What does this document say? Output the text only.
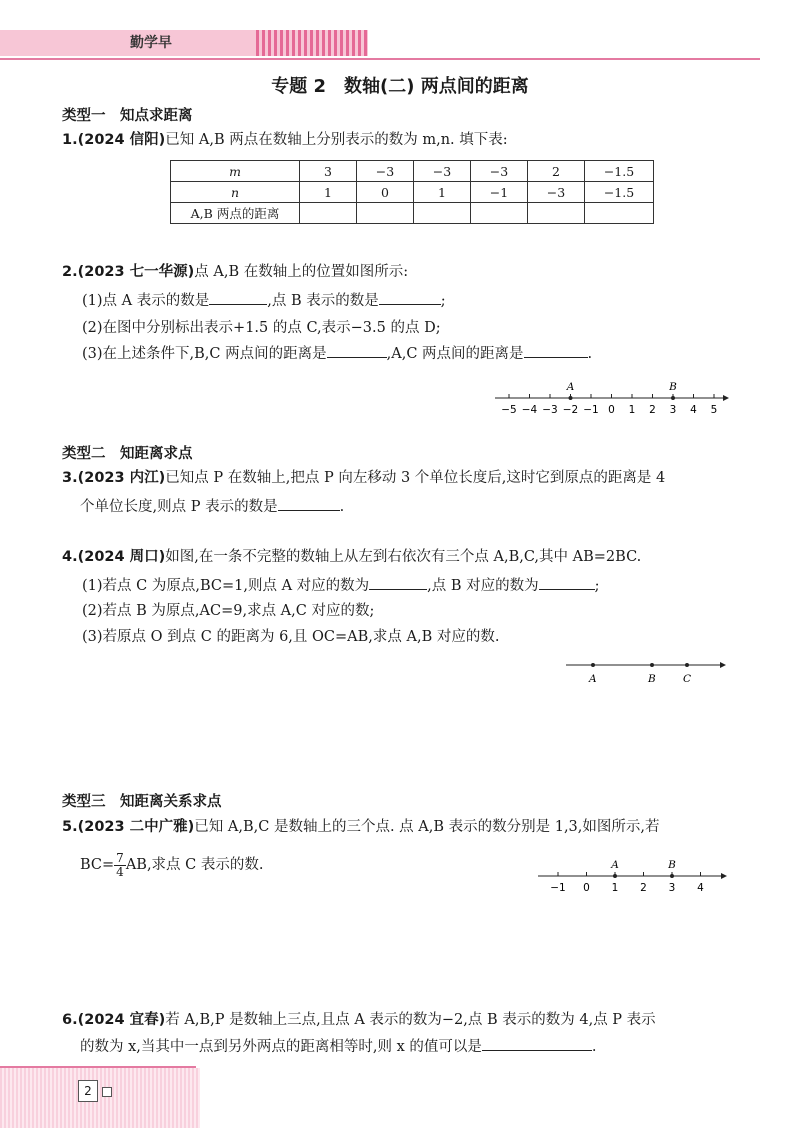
勤学早
专题 2　数轴(二) 两点间的距离
类型一　知点求距离
1.(2024 信阳)已知 A,B 两点在数轴上分别表示的数为 m,n. 填下表:
m	3	−3	−3	−3	2	−1.5
n	1	0	1	−1	−3	−1.5
A,B 两点的距离						
2.(2023 七一华源)点 A,B 在数轴上的位置如图所示:
(1)点 A 表示的数是	,点 B 表示的数是	;
(2)在图中分别标出表示+1.5 的点 C,表示−3.5 的点 D;
(3)在上述条件下,B,C 两点间的距离是	,A,C 两点间的距离是	.
−5 −4 −3 −2 −1 0 1 2 3 4 5
A	B
类型二　知距离求点
3.(2023 内江)已知点 P 在数轴上,把点 P 向左移动 3 个单位长度后,这时它到原点的距离是 4
个单位长度,则点 P 表示的数是	.
4.(2024 周口)如图,在一条不完整的数轴上从左到右依次有三个点 A,B,C,其中 AB=2BC.
(1)若点 C 为原点,BC=1,则点 A 对应的数为	,点 B 对应的数为	;
(2)若点 B 为原点,AC=9,求点 A,C 对应的数;
(3)若原点 O 到点 C 的距离为 6,且 OC=AB,求点 A,B 对应的数.
A	B	C
类型三　知距离关系求点
5.(2023 二中广雅)已知 A,B,C 是数轴上的三个点. 点 A,B 表示的数分别是 1,3,如图所示,若
$BC= \frac{7}{4}$ AB,求点 C 表示的数.
−1 0 1 2 3 4
A	B
6.(2024 宜春)若 A,B,P 是数轴上三点,且点 A 表示的数为−2,点 B 表示的数为 4,点 P 表示
的数为 x,当其中一点到另外两点的距离相等时,则 x 的值可以是	.
2
